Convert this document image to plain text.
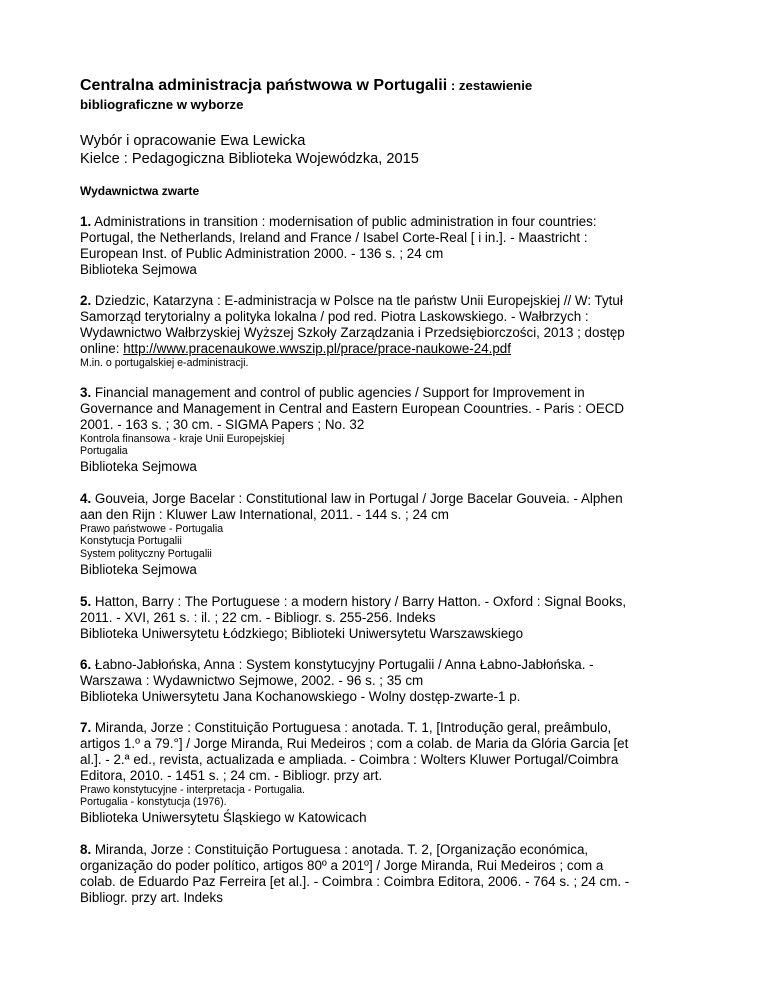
Centralna administracja państwowa w Portugalii : zestawienie
bibliograficzne w wyborze
Wybór i opracowanie Ewa Lewicka
Kielce : Pedagogiczna Biblioteka Wojewódzka, 2015
Wydawnictwa zwarte
1. Administrations in transition : modernisation of public administration in four countries:
Portugal, the Netherlands, Ireland and France / Isabel Corte-Real [ i in.]. - Maastricht :
European Inst. of Public Administration 2000. - 136 s. ; 24 cm
Biblioteka Sejmowa
2. Dziedzic, Katarzyna : E-administracja w Polsce na tle państw Unii Europejskiej // W: Tytuł
Samorząd terytorialny a polityka lokalna / pod red. Piotra Laskowskiego. - Wałbrzych :
Wydawnictwo Wałbrzyskiej Wyższej Szkoły Zarządzania i Przedsiębiorczości, 2013 ; dostęp
online: http://www.pracenaukowe.wwszip.pl/prace/prace-naukowe-24.pdf
M.in. o portugalskiej e-administracji.
3. Financial management and control of public agencies / Support for Improvement in
Governance and Management in Central and Eastern European Coountries. - Paris : OECD
2001. - 163 s. ; 30 cm. - SIGMA Papers ; No. 32
Kontrola finansowa - kraje Unii Europejskiej
Portugalia
Biblioteka Sejmowa
4. Gouveia, Jorge Bacelar : Constitutional law in Portugal / Jorge Bacelar Gouveia. - Alphen
aan den Rijn : Kluwer Law International, 2011. - 144 s. ; 24 cm
Prawo państwowe - Portugalia
Konstytucja Portugalii
System polityczny Portugalii
Biblioteka Sejmowa
5. Hatton, Barry : The Portuguese : a modern history / Barry Hatton. - Oxford : Signal Books,
2011. - XVI, 261 s. : il. ; 22 cm. - Bibliogr. s. 255-256. Indeks
Biblioteka Uniwersytetu Łódzkiego; Biblioteki Uniwersytetu Warszawskiego
6. Łabno-Jabłońska, Anna : System konstytucyjny Portugalii / Anna Łabno-Jabłońska. -
Warszawa : Wydawnictwo Sejmowe, 2002. - 96 s. ; 35 cm
Biblioteka Uniwersytetu Jana Kochanowskiego - Wolny dostęp-zwarte-1 p.
7. Miranda, Jorze : Constituição Portuguesa : anotada. T. 1, [Introdução geral, preâmbulo,
artigos 1.º a 79.°] / Jorge Miranda, Rui Medeiros ; com a colab. de Maria da Glória Garcia [et
al.]. - 2.ª ed., revista, actualizada e ampliada. - Coimbra : Wolters Kluwer Portugal/Coimbra
Editora, 2010. - 1451 s. ; 24 cm. - Bibliogr. przy art.
Prawo konstytucyjne - interpretacja - Portugalia.
Portugalia - konstytucja (1976).
Biblioteka Uniwersytetu Śląskiego w Katowicach
8. Miranda, Jorze : Constituição Portuguesa : anotada. T. 2, [Organização económica,
organização do poder político, artigos 80º a 201º] / Jorge Miranda, Rui Medeiros ; com a
colab. de Eduardo Paz Ferreira [et al.]. - Coimbra : Coimbra Editora, 2006. - 764 s. ; 24 cm. -
Bibliogr. przy art. Indeks
